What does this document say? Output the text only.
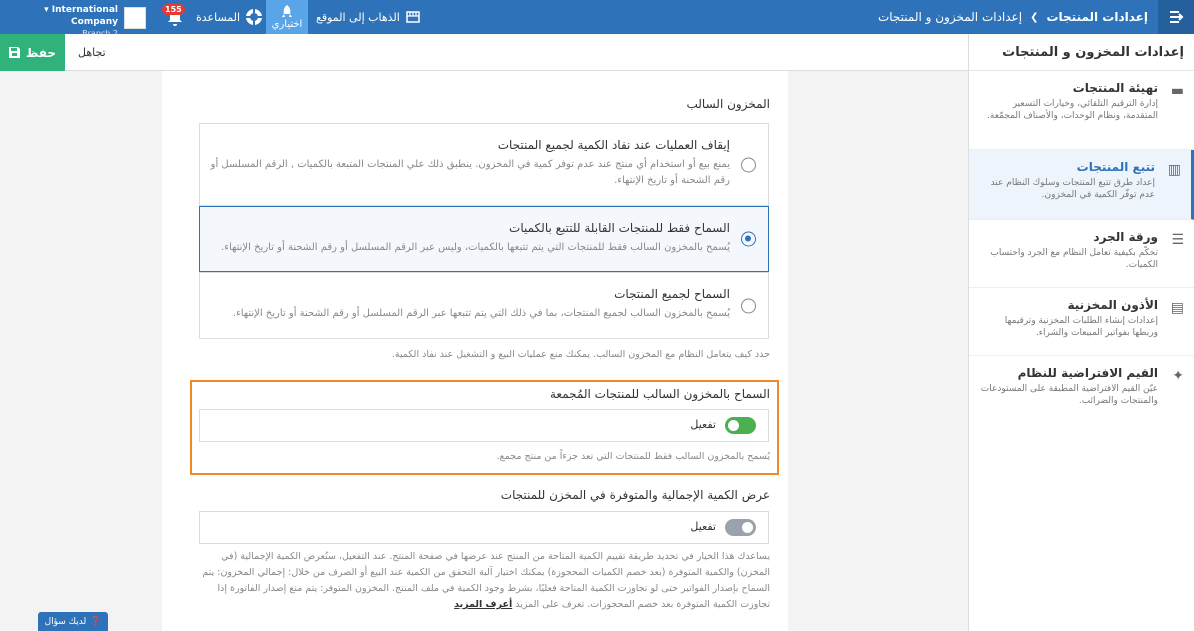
إعدادات المخزون و المنتجات ❯ إعدادات المنتجات
الذهاب إلى الموقع
اختياري
المساعدة
155
▾ International Company
حفظ تجاهل	إعدادات المخزون و المنتجات
▬
تهيئة المنتجات
إدارة الترقيم التلقائي، وخيارات التسعير المتقدمة، ونظام الوحدات، والأصناف المجمّعة.
▥
تتبع المنتجات
إعداد طرق تتبع المنتجات وسلوك النظام عند عدم توفّر الكمية في المخزون.
☰
ورقة الجرد
تحكّم بكيفية تعامل النظام مع الجرد واحتساب الكميات.
▤
الأذون المخزنية
إعدادات إنشاء الطلبات المخزنية وترقيمها وربطها بفواتير المبيعات والشراء.
✦
القيم الافتراضية للنظام
عيّن القيم الافتراضية المطبقة على المستودعات والمنتجات والضرائب.
المخزون السالب
إيقاف العمليات عند نفاد الكمية لجميع المنتجات
يمنع بيع أو استخدام أي منتج عند عدم توفر كمية في المخزون. ينطبق ذلك علي المنتجات المتبعة بالكميات , الرقم المسلسل أو رقم الشحنة أو تاريخ الإنتهاء.
السماح فقط للمنتجات القابلة للتتبع بالكميات
يُسمح بالمخزون السالب فقط للمنتجات التي يتم تتبعها بالكميات، وليس عبر الرقم المسلسل أو رقم الشحنة أو تاريخ الإنتهاء.
السماح لجميع المنتجات
يُسمح بالمخزون السالب لجميع المنتجات، بما في ذلك التي يتم تتبعها عبر الرقم المسلسل أو رقم الشحنة أو تاريخ الإنتهاء.
حدد كيف يتعامل النظام مع المخزون السالب. يمكنك منع عمليات البيع و التشغيل عند نفاد الكمية.
السماح بالمخزون السالب للمنتجات المُجمعة
تفعيل
يُسمح بالمخزون السالب فقط للمنتجات التي تعد جزءاً من منتج مجمع.
عرض الكمية الإجمالية والمتوفرة في المخزن للمنتجات
تفعيل
يساعدك هذا الخيار في تحديد طريقة تقييم الكمية المتاحة من المنتج عند عرضها في صفحة المنتج. عند التفعيل، ستُعرض الكمية الإجمالية (في المخزن) والكمية المتوفرة (بعد خصم الكميات المحجوزة) يمكنك اختيار آلية التحقق من الكمية عند البيع أو الصرف من خلال: إجمالي المخزون: يتم السماح بإصدار الفواتير حتى لو تجاوزت الكمية المتاحة فعليًا، بشرط وجود الكمية في ملف المنتج. المخزون المتوفر: يتم منع إصدار الفاتورة إذا تجاوزت الكمية المتوفرة بعد خصم المحجوزات. تعرف على المزيد أعرف المزيد
لديك سؤال ❓
